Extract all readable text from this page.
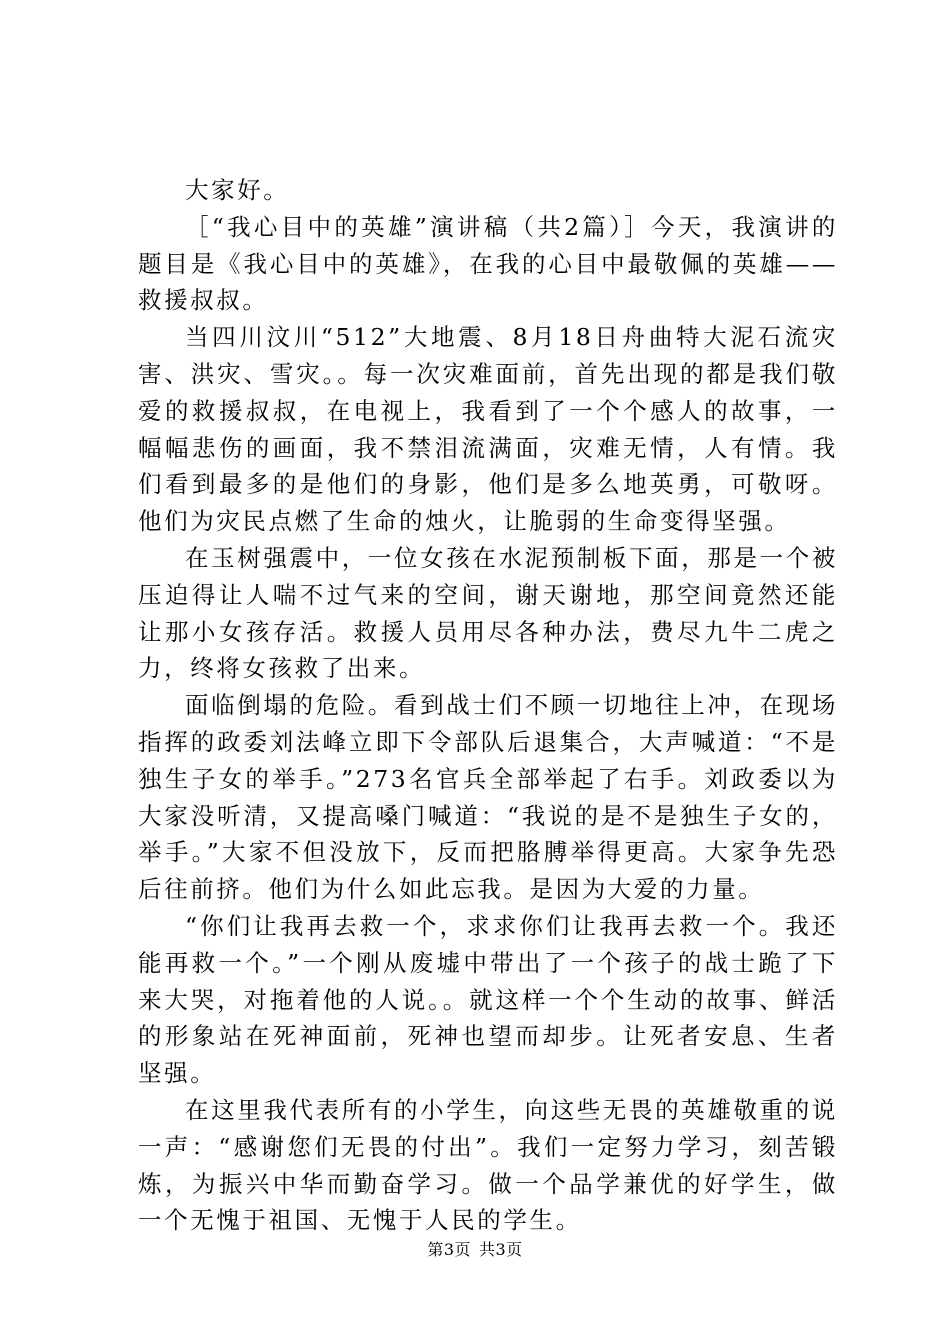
大家好。

［“我心目中的英雄”演讲稿（共2篇）］今天，我演讲的题目是《我心目中的英雄》，在我的心目中最敬佩的英雄——救援叔叔。

当四川汶川“512”大地震、8月18日舟曲特大泥石流灾害、洪灾、雪灾。。每一次灾难面前，首先出现的都是我们敬爱的救援叔叔，在电视上，我看到了一个个感人的故事，一幅幅悲伤的画面，我不禁泪流满面，灾难无情，人有情。我们看到最多的是他们的身影，他们是多么地英勇，可敬呀。他们为灾民点燃了生命的烛火，让脆弱的生命变得坚强。

在玉树强震中，一位女孩在水泥预制板下面，那是一个被压迫得让人喘不过气来的空间，谢天谢地，那空间竟然还能让那小女孩存活。救援人员用尽各种办法，费尽九牛二虎之力，终将女孩救了出来。

面临倒塌的危险。看到战士们不顾一切地往上冲，在现场指挥的政委刘法峰立即下令部队后退集合，大声喊道：“不是独生子女的举手。”273名官兵全部举起了右手。刘政委以为大家没听清，又提高嗓门喊道：“我说的是不是独生子女的，举手。”大家不但没放下，反而把胳膊举得更高。大家争先恐后往前挤。他们为什么如此忘我。是因为大爱的力量。

“你们让我再去救一个，求求你们让我再去救一个。我还能再救一个。”一个刚从废墟中带出了一个孩子的战士跪了下来大哭，对拖着他的人说。。就这样一个个生动的故事、鲜活的形象站在死神面前，死神也望而却步。让死者安息、生者坚强。

在这里我代表所有的小学生，向这些无畏的英雄敬重的说一声：“感谢您们无畏的付出”。我们一定努力学习，刻苦锻炼，为振兴中华而勤奋学习。做一个品学兼优的好学生，做一个无愧于祖国、无愧于人民的学生。

第3页 共3页
